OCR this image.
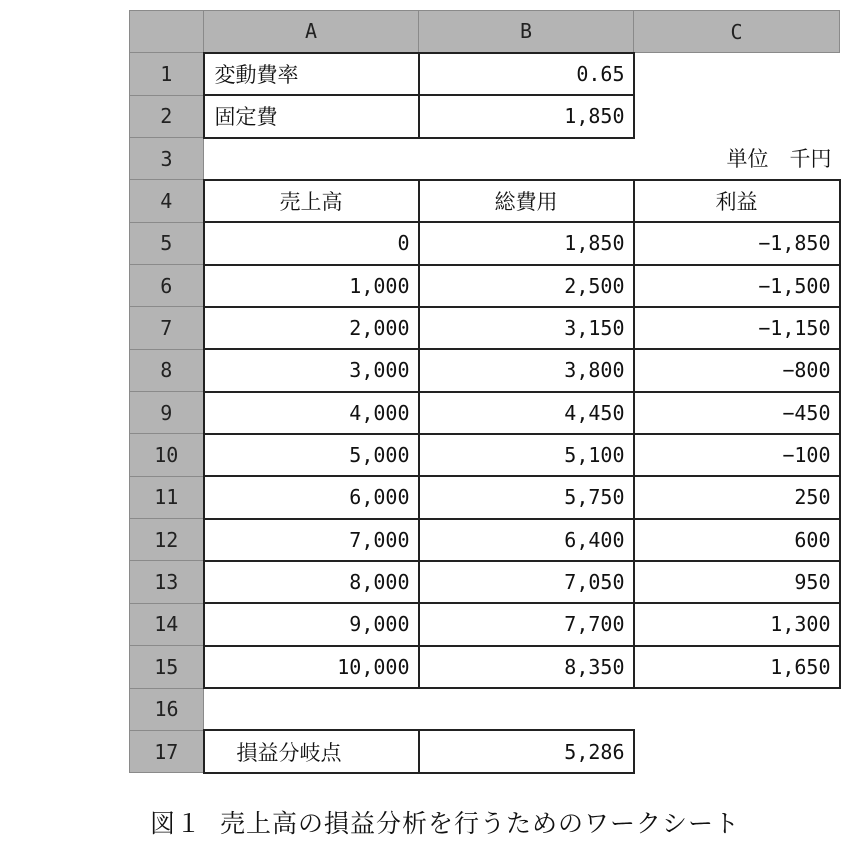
	A	B	C
1	変動費率	0.65	
2	固定費	1,850	
3			単位　千円
4	売上高	総費用	利益
5	0	1,850	−1,850
6	1,000	2,500	−1,500
7	2,000	3,150	−1,150
8	3,000	3,800	−800
9	4,000	4,450	−450
10	5,000	5,100	−100
11	6,000	5,750	250
12	7,000	6,400	600
13	8,000	7,050	950
14	9,000	7,700	1,300
15	10,000	8,350	1,650
16			
17	損益分岐点	5,286	
図１ 売上高の損益分析を行うためのワークシート
